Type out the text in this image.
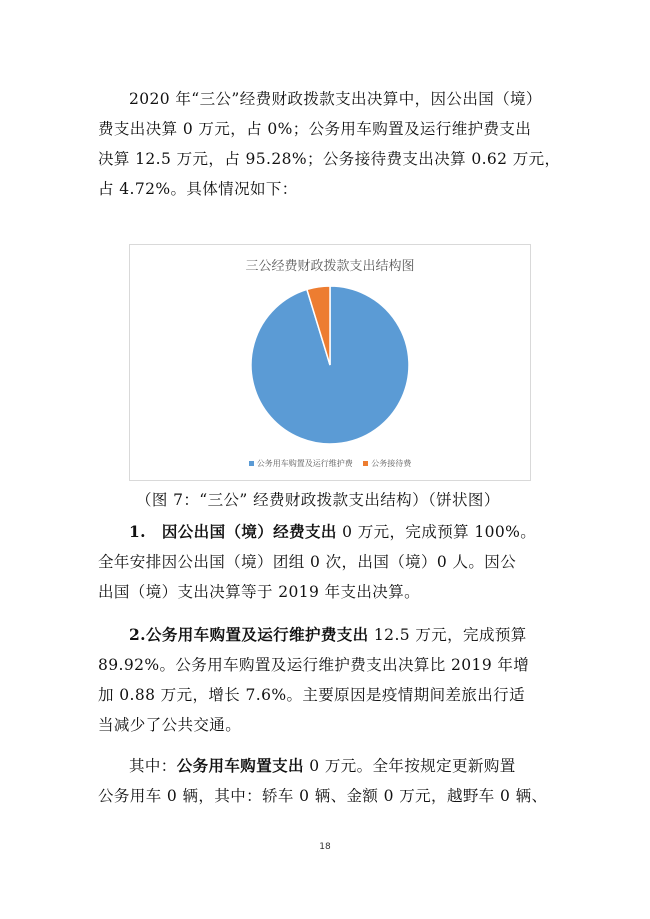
2020 年“三公”经费财政拨款支出决算中，因公出国（境）
费支出决算 0 万元，占 0%；公务用车购置及运行维护费支出
决算 12.5 万元，占 95.28%；公务接待费支出决算 0.62 万元，
占 4.72%。具体情况如下：
三公经费财政拨款支出结构图
公务用车购置及运行维护费 公务接待费
（图 7：“三公” 经费财政拨款支出结构）（饼状图）
1.　因公出国（境）经费支出 0 万元，完成预算 100%。
全年安排因公出国（境）团组 0 次，出国（境）0 人。因公
出国（境）支出决算等于 2019 年支出决算。
2.公务用车购置及运行维护费支出 12.5 万元，完成预算
89.92%。公务用车购置及运行维护费支出决算比 2019 年增
加 0.88 万元，增长 7.6%。主要原因是疫情期间差旅出行适
当减少了公共交通。
其中：公务用车购置支出 0 万元。全年按规定更新购置
公务用车 0 辆，其中：轿车 0 辆、金额 0 万元，越野车 0 辆、
18
